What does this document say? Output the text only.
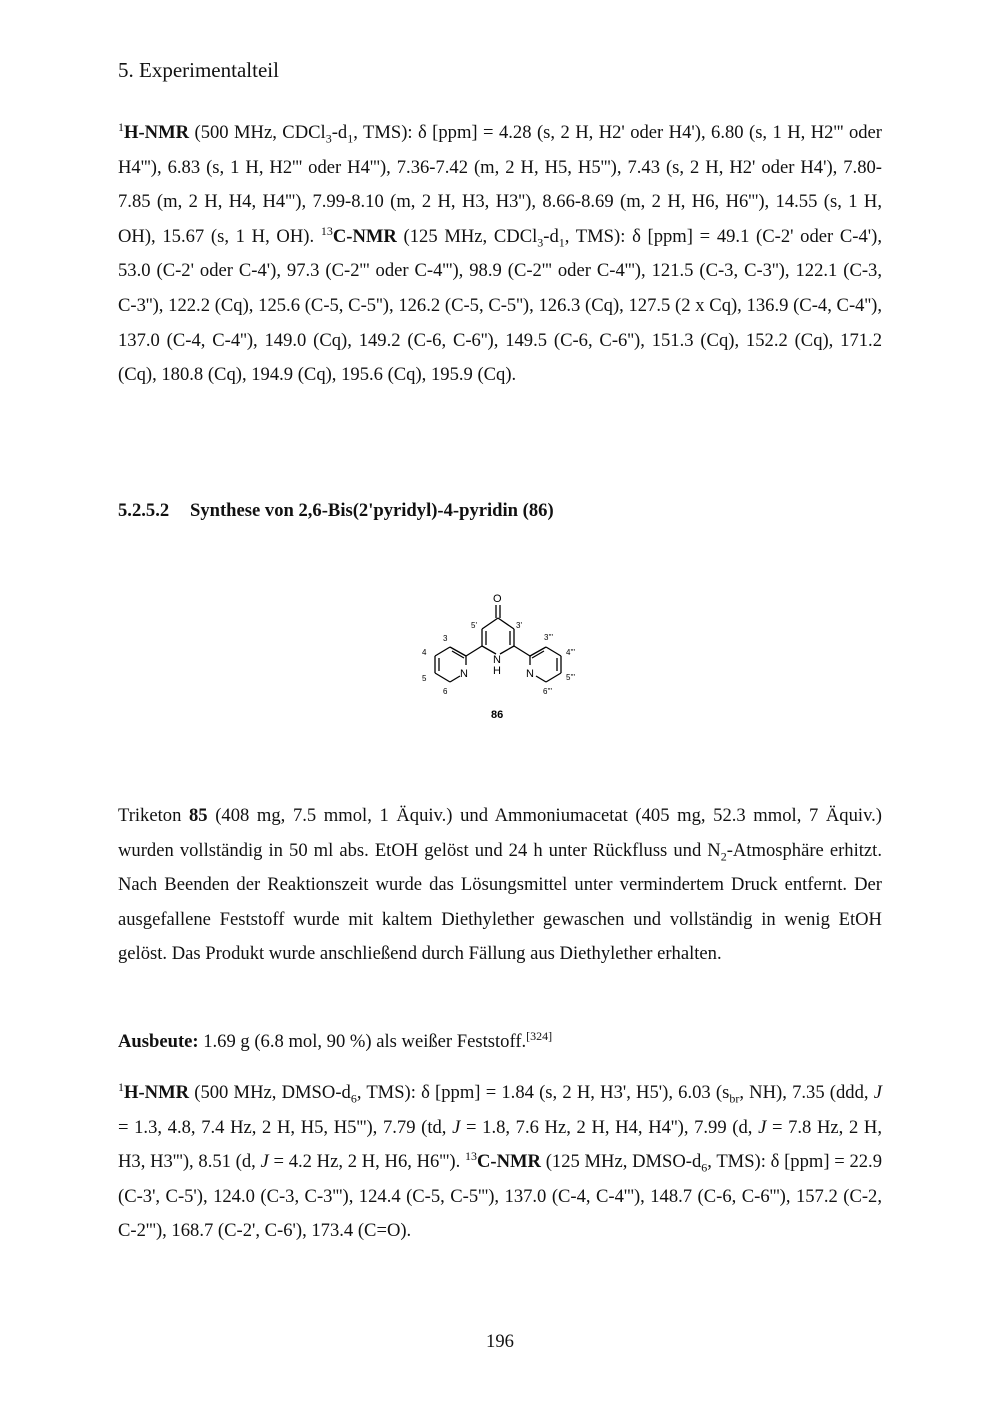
5. Experimentalteil

$^1$H-NMR (500 MHz, $CDCl_3-d_1$, TMS): δ [ppm] = 4.28 (s, 2 H, H2' oder H4'), 6.80 (s, 1 H, H2''' oder H4'''), 6.83 (s, 1 H, H2''' oder H4'''), 7.36-7.42 (m, 2 H, H5, H5'''), 7.43 (s, 2 H, H2' oder H4'), 7.80-7.85 (m, 2 H, H4, H4'''), 7.99-8.10 (m, 2 H, H3, H3''), 8.66-8.69 (m, 2 H, H6, H6'''), 14.55 (s, 1 H, OH), 15.67 (s, 1 H, OH). $^{13}$C-NMR (125 MHz, $CDCl_3-d_1$, TMS): δ [ppm] = 49.1 (C-2' oder C-4'), 53.0 (C-2' oder C-4'), 97.3 (C-2''' oder C-4'''), 98.9 (C-2''' oder C-4'''), 121.5 (C-3, C-3''), 122.1 (C-3, C-3''), 122.2 (Cq), 125.6 (C-5, C-5''), 126.2 (C-5, C-5''), 126.3 (Cq), 127.5 (2 x Cq), 136.9 (C-4, C-4''), 137.0 (C-4, C-4''), 149.0 (Cq), 149.2 (C-6, C-6''), 149.5 (C-6, C-6''), 151.3 (Cq), 152.2 (Cq), 171.2 (Cq), 180.8 (Cq), 194.9 (Cq), 195.6 (Cq), 195.9 (Cq).

5.2.5.2 Synthese von 2,6-Bis(2'pyridyl)-4-pyridin (86)
O
N
H
N	N
3
4
5
6
5'	3'
3'''
4'''
5'''
6'''
86

Triketon 85 (408 mg, 7.5 mmol, 1 Äquiv.) und Ammoniumacetat (405 mg, 52.3 mmol, 7 Äquiv.) wurden vollständig in 50 ml abs. EtOH gelöst und 24 h unter Rückfluss und $N_2$-Atmosphäre erhitzt. Nach Beenden der Reaktionszeit wurde das Lösungsmittel unter vermindertem Druck entfernt. Der ausgefallene Feststoff wurde mit kaltem Diethylether gewaschen und vollständig in wenig EtOH gelöst. Das Produkt wurde anschließend durch Fällung aus Diethylether erhalten.

Ausbeute: 1.69 g (6.8 mol, 90 %) als weißer Feststoff.[324]

$^1$H-NMR (500 MHz, DMSO-$d_6$, TMS): δ [ppm] = 1.84 (s, 2 H, H3', H5'), 6.03 ($s_{br}$, NH), 7.35 (ddd, J = 1.3, 4.8, 7.4 Hz, 2 H, H5, H5'''), 7.79 (td, J = 1.8, 7.6 Hz, 2 H, H4, H4''), 7.99 (d, J = 7.8 Hz, 2 H, H3, H3'''), 8.51 (d, J = 4.2 Hz, 2 H, H6, H6'''). $^{13}$C-NMR (125 MHz, DMSO-$d_6$, TMS): δ [ppm] = 22.9 (C-3', C-5'), 124.0 (C-3, C-3'''), 124.4 (C-5, C-5'''), 137.0 (C-4, C-4'''), 148.7 (C-6, C-6'''), 157.2 (C-2, C-2'''), 168.7 (C-2', C-6'), 173.4 (C=O).

196
